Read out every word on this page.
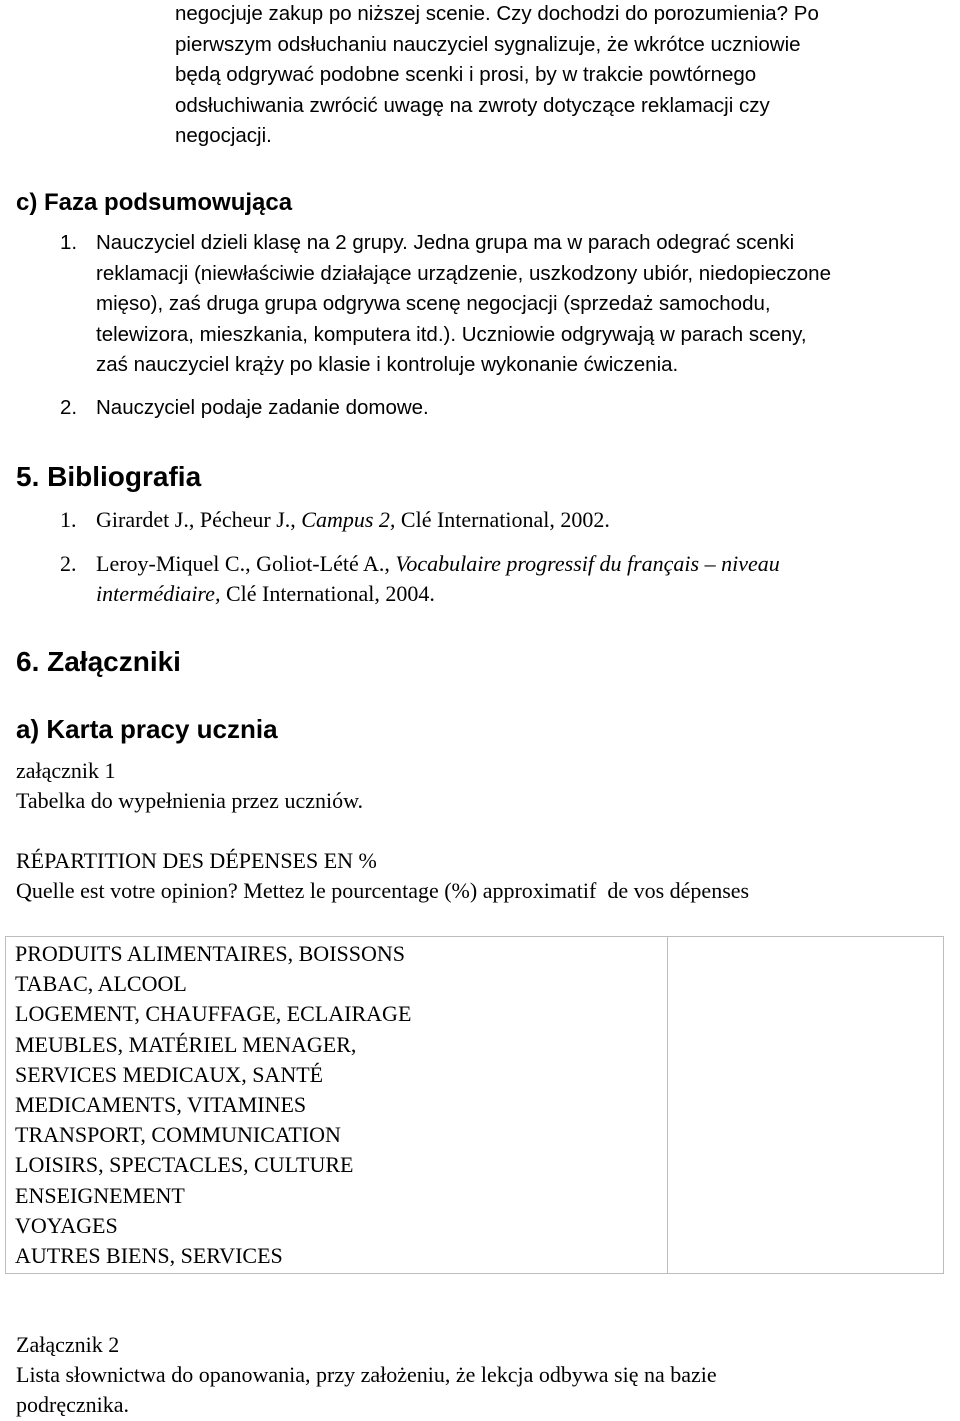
negocjuje zakup po niższej scenie. Czy dochodzi do porozumienia? Po
pierwszym odsłuchaniu nauczyciel sygnalizuje, że wkrótce uczniowie
będą odgrywać podobne scenki i prosi, by w trakcie powtórnego
odsłuchiwania zwrócić uwagę na zwroty dotyczące reklamacji czy
negocjacji.
c) Faza podsumowująca
1. Nauczyciel dzieli klasę na 2 grupy. Jedna grupa ma w parach odegrać scenki
reklamacji (niewłaściwie działające urządzenie, uszkodzony ubiór, niedopieczone
mięso), zaś druga grupa odgrywa scenę negocjacji (sprzedaż samochodu,
telewizora, mieszkania, komputera itd.). Uczniowie odgrywają w parach sceny,
zaś nauczyciel krąży po klasie i kontroluje wykonanie ćwiczenia.
2. Nauczyciel podaje zadanie domowe.
5. Bibliografia
1. Girardet J., Pécheur J., Campus 2, Clé International, 2002.
2. Leroy-Miquel C., Goliot-Lété A., Vocabulaire progressif du français – niveau
intermédiaire, Clé International, 2004.
6. Załączniki
a) Karta pracy ucznia
załącznik 1
Tabelka do wypełnienia przez uczniów.
RÉPARTITION DES DÉPENSES EN %
Quelle est votre opinion? Mettez le pourcentage (%) approximatif  de vos dépenses
PRODUITS ALIMENTAIRES, BOISSONS
TABAC, ALCOOL
LOGEMENT, CHAUFFAGE, ECLAIRAGE
MEUBLES, MATÉRIEL MENAGER,
SERVICES MEDICAUX, SANTÉ
MEDICAMENTS, VITAMINES
TRANSPORT, COMMUNICATION
LOISIRS, SPECTACLES, CULTURE
ENSEIGNEMENT
VOYAGES
AUTRES BIENS, SERVICES

Załącznik 2
Lista słownictwa do opanowania, przy założeniu, że lekcja odbywa się na bazie
podręcznika.
